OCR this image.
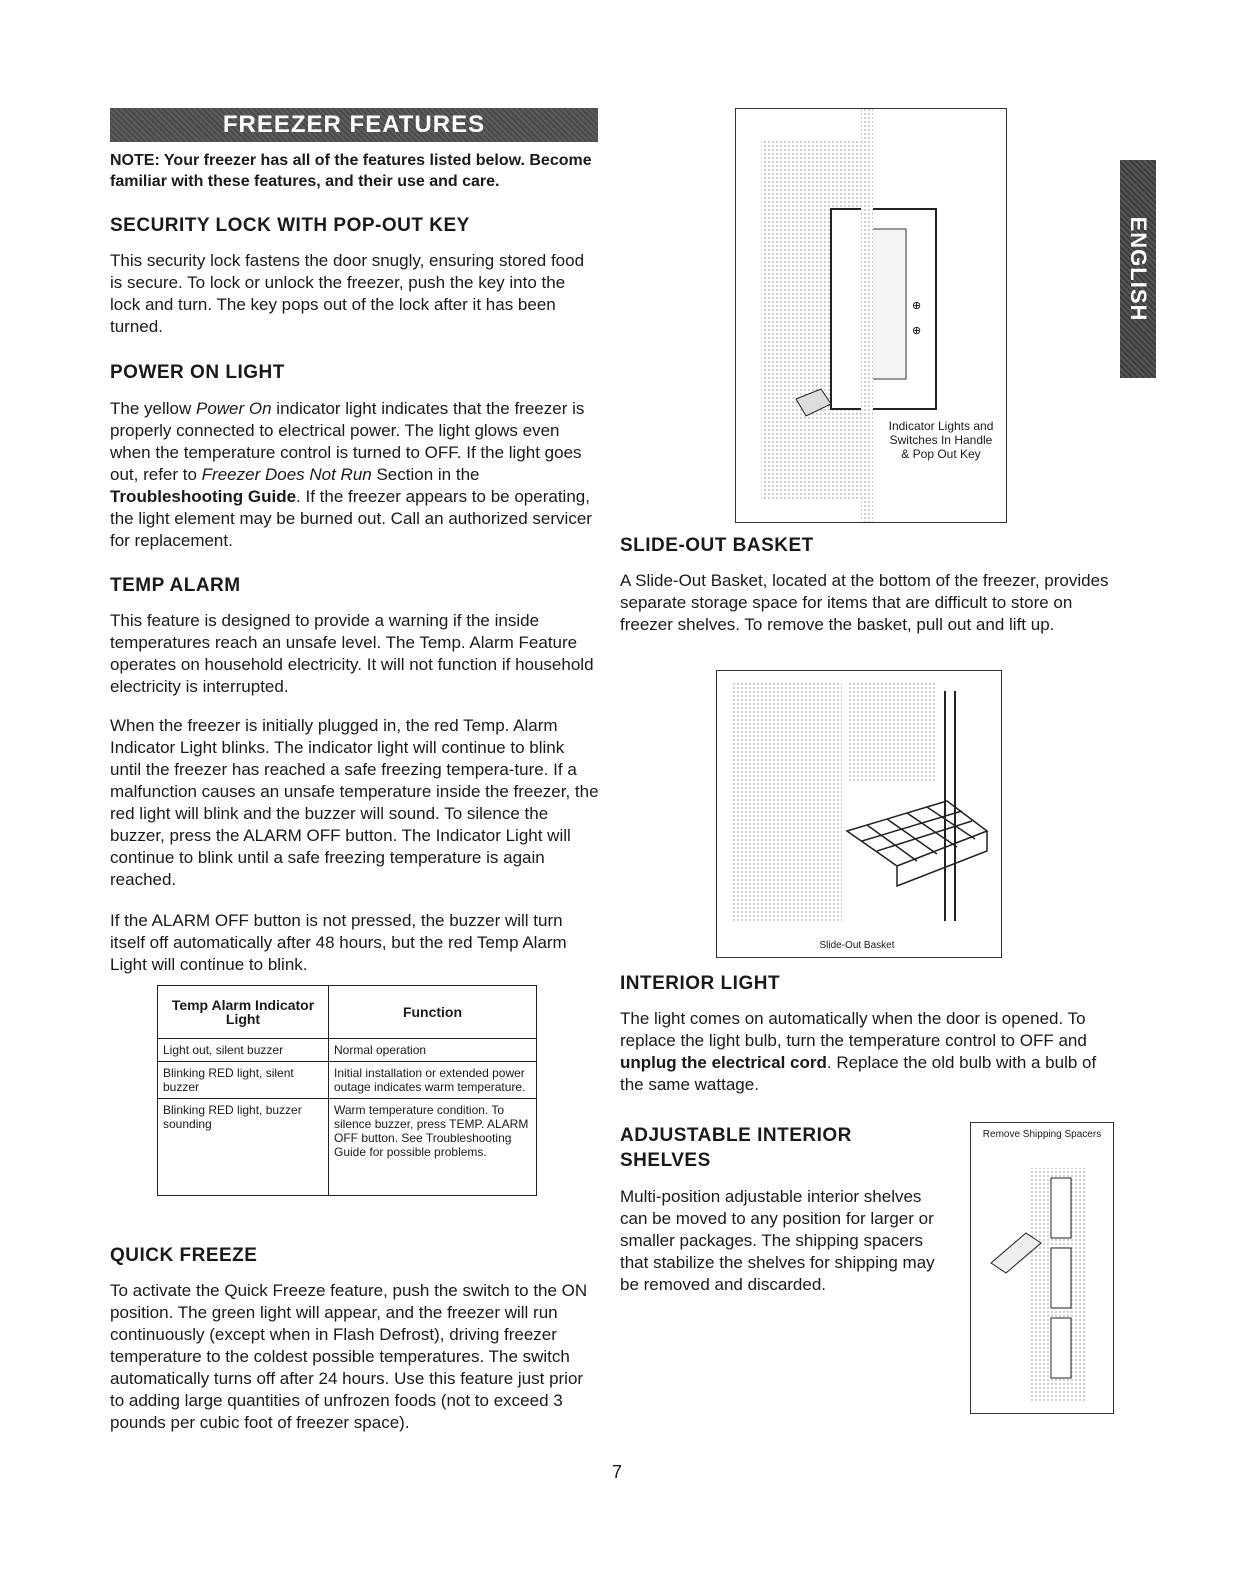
FREEZER FEATURES
NOTE: Your freezer has all of the features listed below. Become familiar with these features, and their use and care.
SECURITY LOCK WITH POP-OUT KEY
This security lock fastens the door snugly, ensuring stored food is secure. To lock or unlock the freezer, push the key into the lock and turn. The key pops out of the lock after it has been turned.
POWER ON LIGHT
The yellow Power On indicator light indicates that the freezer is properly connected to electrical power. The light glows even when the temperature control is turned to OFF. If the light goes out, refer to Freezer Does Not Run Section in the Troubleshooting Guide. If the freezer appears to be operating, the light element may be burned out. Call an authorized servicer for replacement.
TEMP ALARM
This feature is designed to provide a warning if the inside temperatures reach an unsafe level. The Temp. Alarm Feature operates on household electricity. It will not function if household electricity is interrupted.
When the freezer is initially plugged in, the red Temp. Alarm Indicator Light blinks. The indicator light will continue to blink until the freezer has reached a safe freezing tempera-ture. If a malfunction causes an unsafe temperature inside the freezer, the red light will blink and the buzzer will sound. To silence the buzzer, press the ALARM OFF button. The Indicator Light will continue to blink until a safe freezing temperature is again reached.
If the ALARM OFF button is not pressed, the buzzer will turn itself off automatically after 48 hours, but the red Temp Alarm Light will continue to blink.
Temp Alarm Indicator Light	Function
Light out, silent buzzer	Normal operation
Blinking RED light, silent buzzer	Initial installation or extended power outage indicates warm temperature.
Blinking RED light, buzzer sounding	Warm temperature condition. To silence buzzer, press TEMP. ALARM OFF button. See Troubleshooting Guide for possible problems.
QUICK FREEZE
To activate the Quick Freeze feature, push the switch to the ON position. The green light will appear, and the freezer will run continuously (except when in Flash Defrost), driving freezer temperature to the coldest possible temperatures. The switch automatically turns off after 24 hours. Use this feature just prior to adding large quantities of unfrozen foods (not to exceed 3 pounds per cubic foot of freezer space).
⊕
⊕
Indicator Lights and Switches In Handle & Pop Out Key
ENGLISH
SLIDE-OUT BASKET
A Slide-Out Basket, located at the bottom of the freezer, provides separate storage space for items that are difficult to store on freezer shelves. To remove the basket, pull out and lift up.
Slide-Out Basket
INTERIOR LIGHT
The light comes on automatically when the door is opened. To replace the light bulb, turn the temperature control to OFF and unplug the electrical cord. Replace the old bulb with a bulb of the same wattage.
ADJUSTABLE INTERIOR
SHELVES
Multi-position adjustable interior shelves can be moved to any position for larger or smaller packages. The shipping spacers that stabilize the shelves for shipping may be removed and discarded.
Remove Shipping Spacers
7
